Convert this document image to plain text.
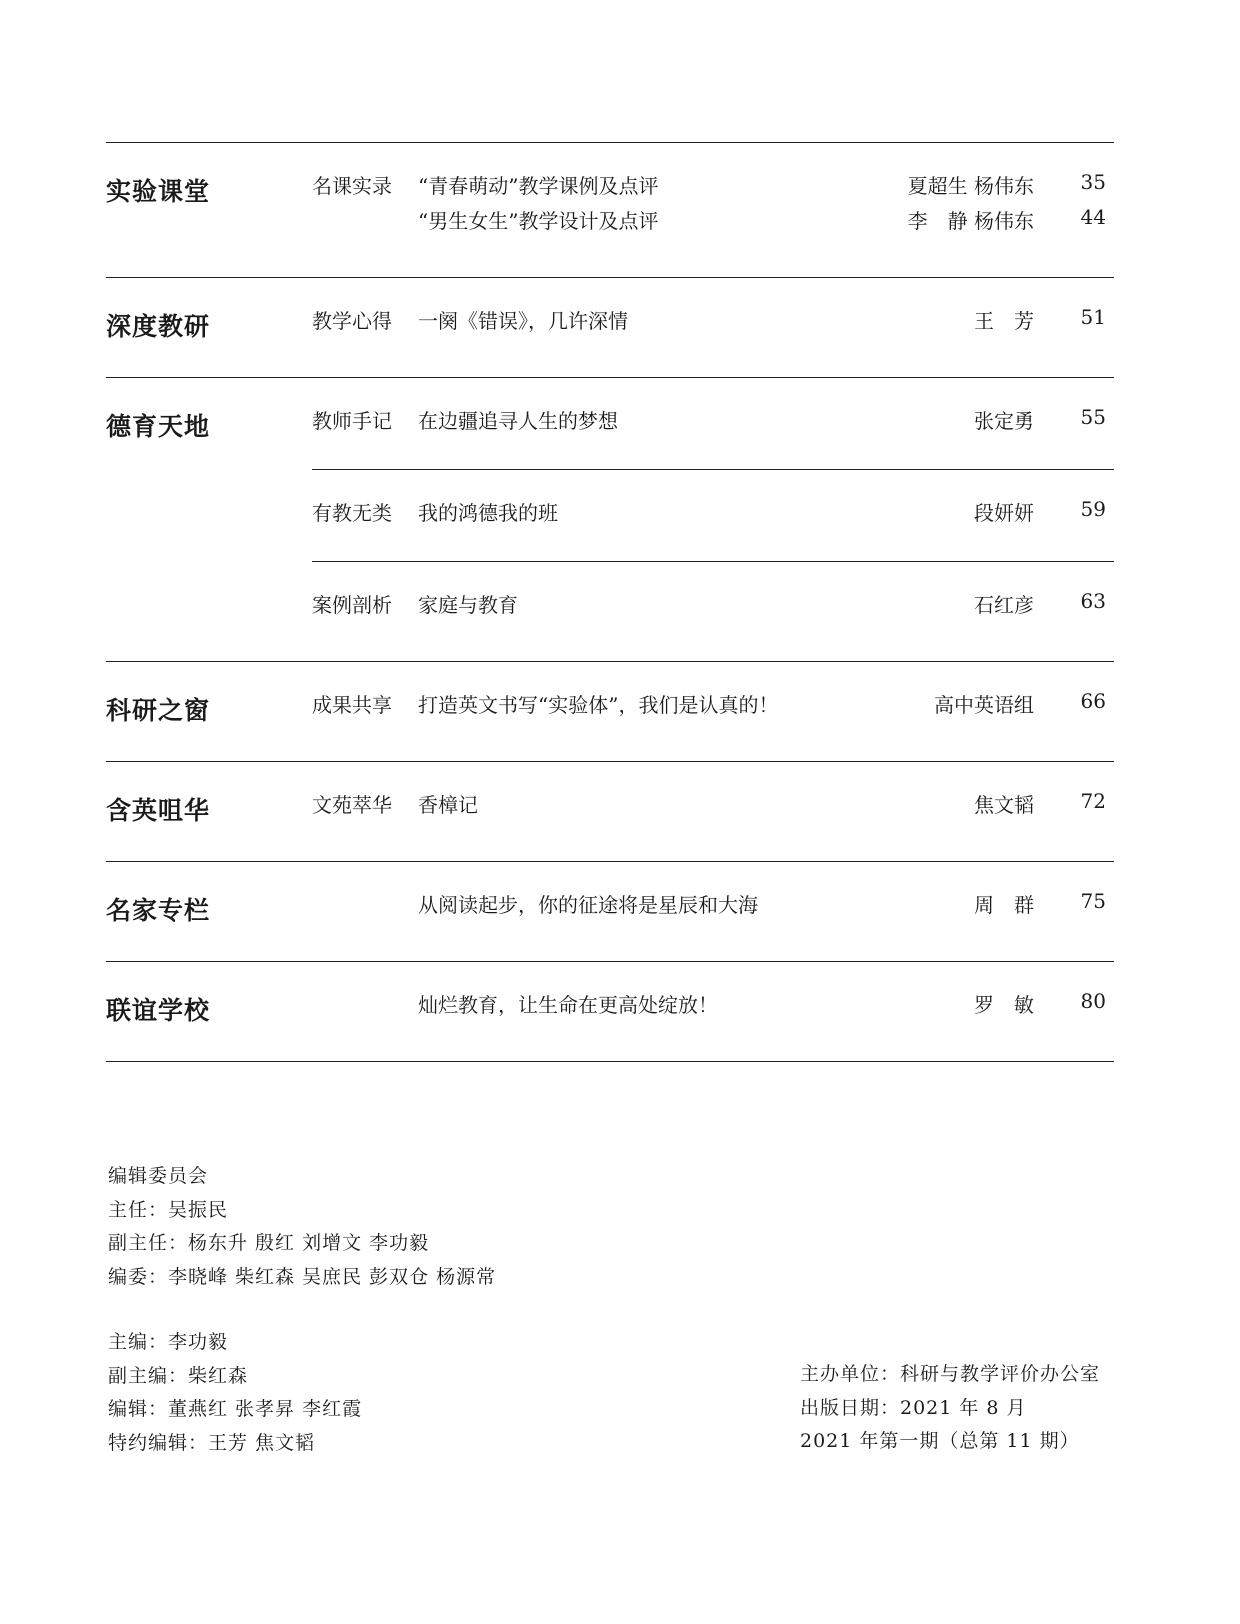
实验课堂	名课实录 “青春萌动”教学课例及点评	夏超生 杨伟东 35
“男生女生”教学设计及点评	李　静 杨伟东 44
深度教研	教学心得 一阕《错误》，几许深情	王　芳 51
德育天地	教师手记 在边疆追寻人生的梦想	张定勇 55
有教无类 我的鸿德我的班	段妍妍 59
案例剖析 家庭与教育	石红彦 63
科研之窗	成果共享 打造英文书写“实验体”，我们是认真的！	高中英语组 66
含英咀华	文苑萃华 香樟记	焦文韬 72
名家专栏	从阅读起步，你的征途将是星辰和大海	周　群 75
联谊学校	灿烂教育，让生命在更高处绽放！	罗　敏 80
编辑委员会
主任：吴振民
副主任：杨东升 殷红 刘增文 李功毅
编委：李晓峰 柴红森 吴庶民 彭双仓 杨源常
主编：李功毅
副主编：柴红森
编辑：董燕红 张孝昇 李红霞
特约编辑：王芳 焦文韬
主办单位：科研与教学评价办公室
出版日期：2021 年 8 月
2021 年第一期（总第 11 期）
